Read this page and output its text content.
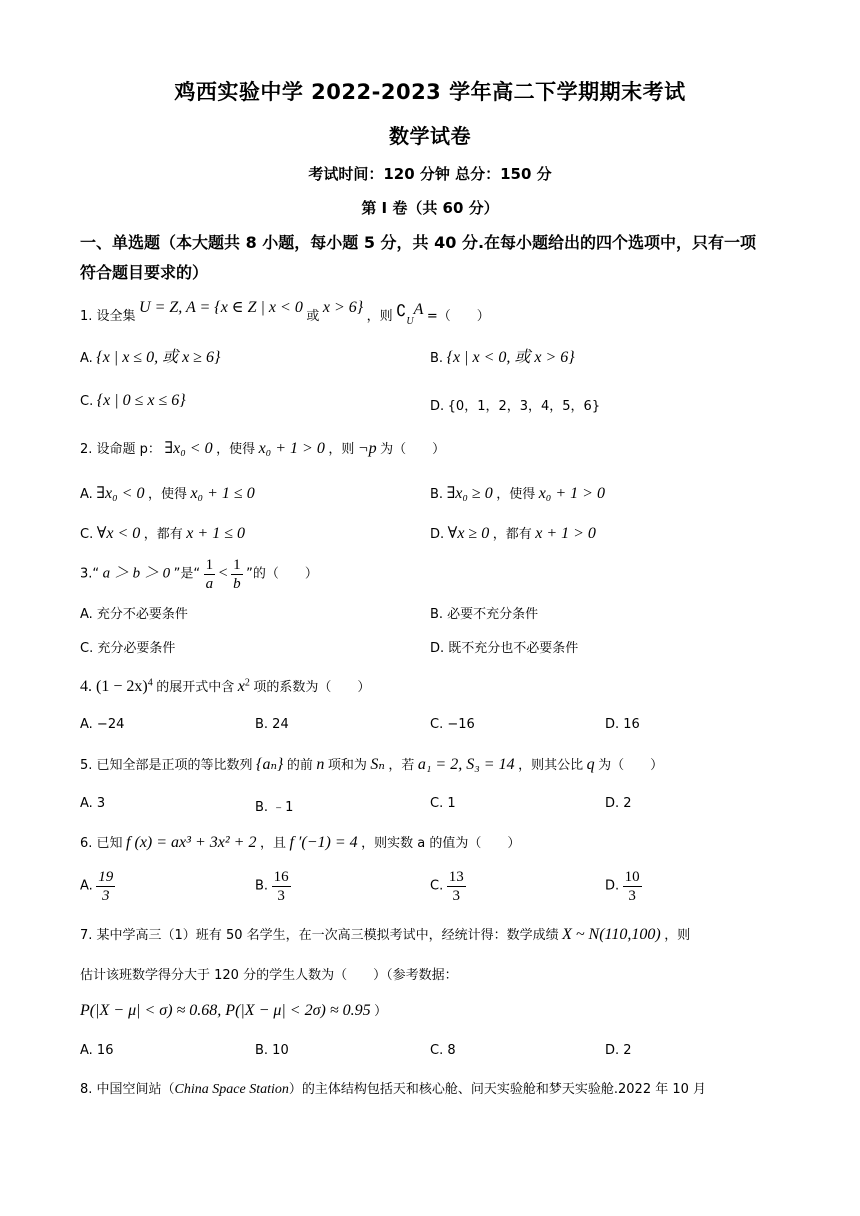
鸡西实验中学 2022-2023 学年高二下学期期末考试
数学试卷
考试时间：120 分钟 总分：150 分
第 I 卷（共 60 分）
一、单选题（本大题共 8 小题，每小题 5 分，共 40 分.在每小题给出的四个选项中，只有一项
符合题目要求的）
1. 设全集 U = Z, A = {x ∈ Z | x < 0 或 x > 6} ，则 $∁_UA$ =（　　）
A. {x | x ≤ 0, 或 x ≥ 6}	B. {x | x < 0, 或 x > 6}
C. {x | 0 ≤ x ≤ 6}	D. {0，1，2，3，4，5，6}
2. 设命题 p： ∃x₀ < 0 ，使得 x₀ + 1 > 0 ，则 ¬p 为（　　）
A. ∃x₀ < 0 ，使得 x₀ + 1 ≤ 0	B. ∃x₀ ≥ 0 ，使得 x₀ + 1 > 0
C. ∀x < 0 ，都有 x + 1 ≤ 0	D. ∀x ≥ 0 ，都有 x + 1 > 0
3.“ a ＞ b ＞ 0 ”是“ $\frac{1}{a} < \frac{1}{b}$ ”的（　　）
A. 充分不必要条件	B. 必要不充分条件
C. 充分必要条件	D. 既不充分也不必要条件
4. $(1 - 2x)^4$ 的展开式中含 $x^2$ 项的系数为（　　）
A. −24	B. 24	C. −16	D. 16
5. 已知全部是正项的等比数列 {aₙ} 的前 n 项和为 Sₙ ，若 a₁ = 2, S₃ = 14 ，则其公比 q 为（　　）
A. 3	B. ﹣1	C. 1	D. 2
6. 已知 f (x) = ax³ + 3x² + 2 ，且 f ′(−1) = 4 ，则实数 a 的值为（　　）
A. $\frac{19}{3}$	B. $\frac{16}{3}$	C. $\frac{13}{3}$	D. $\frac{10}{3}$
7. 某中学高三（1）班有 50 名学生，在一次高三模拟考试中，经统计得：数学成绩 X ~ N(110,100) ，则
估计该班数学得分大于 120 分的学生人数为（　　）（参考数据：
P(|X − μ| < σ) ≈ 0.68, P(|X − μ| < 2σ) ≈ 0.95 ）
A. 16	B. 10	C. 8	D. 2
8. 中国空间站（China Space Station）的主体结构包括天和核心舱、问天实验舱和梦天实验舱.2022 年 10 月
